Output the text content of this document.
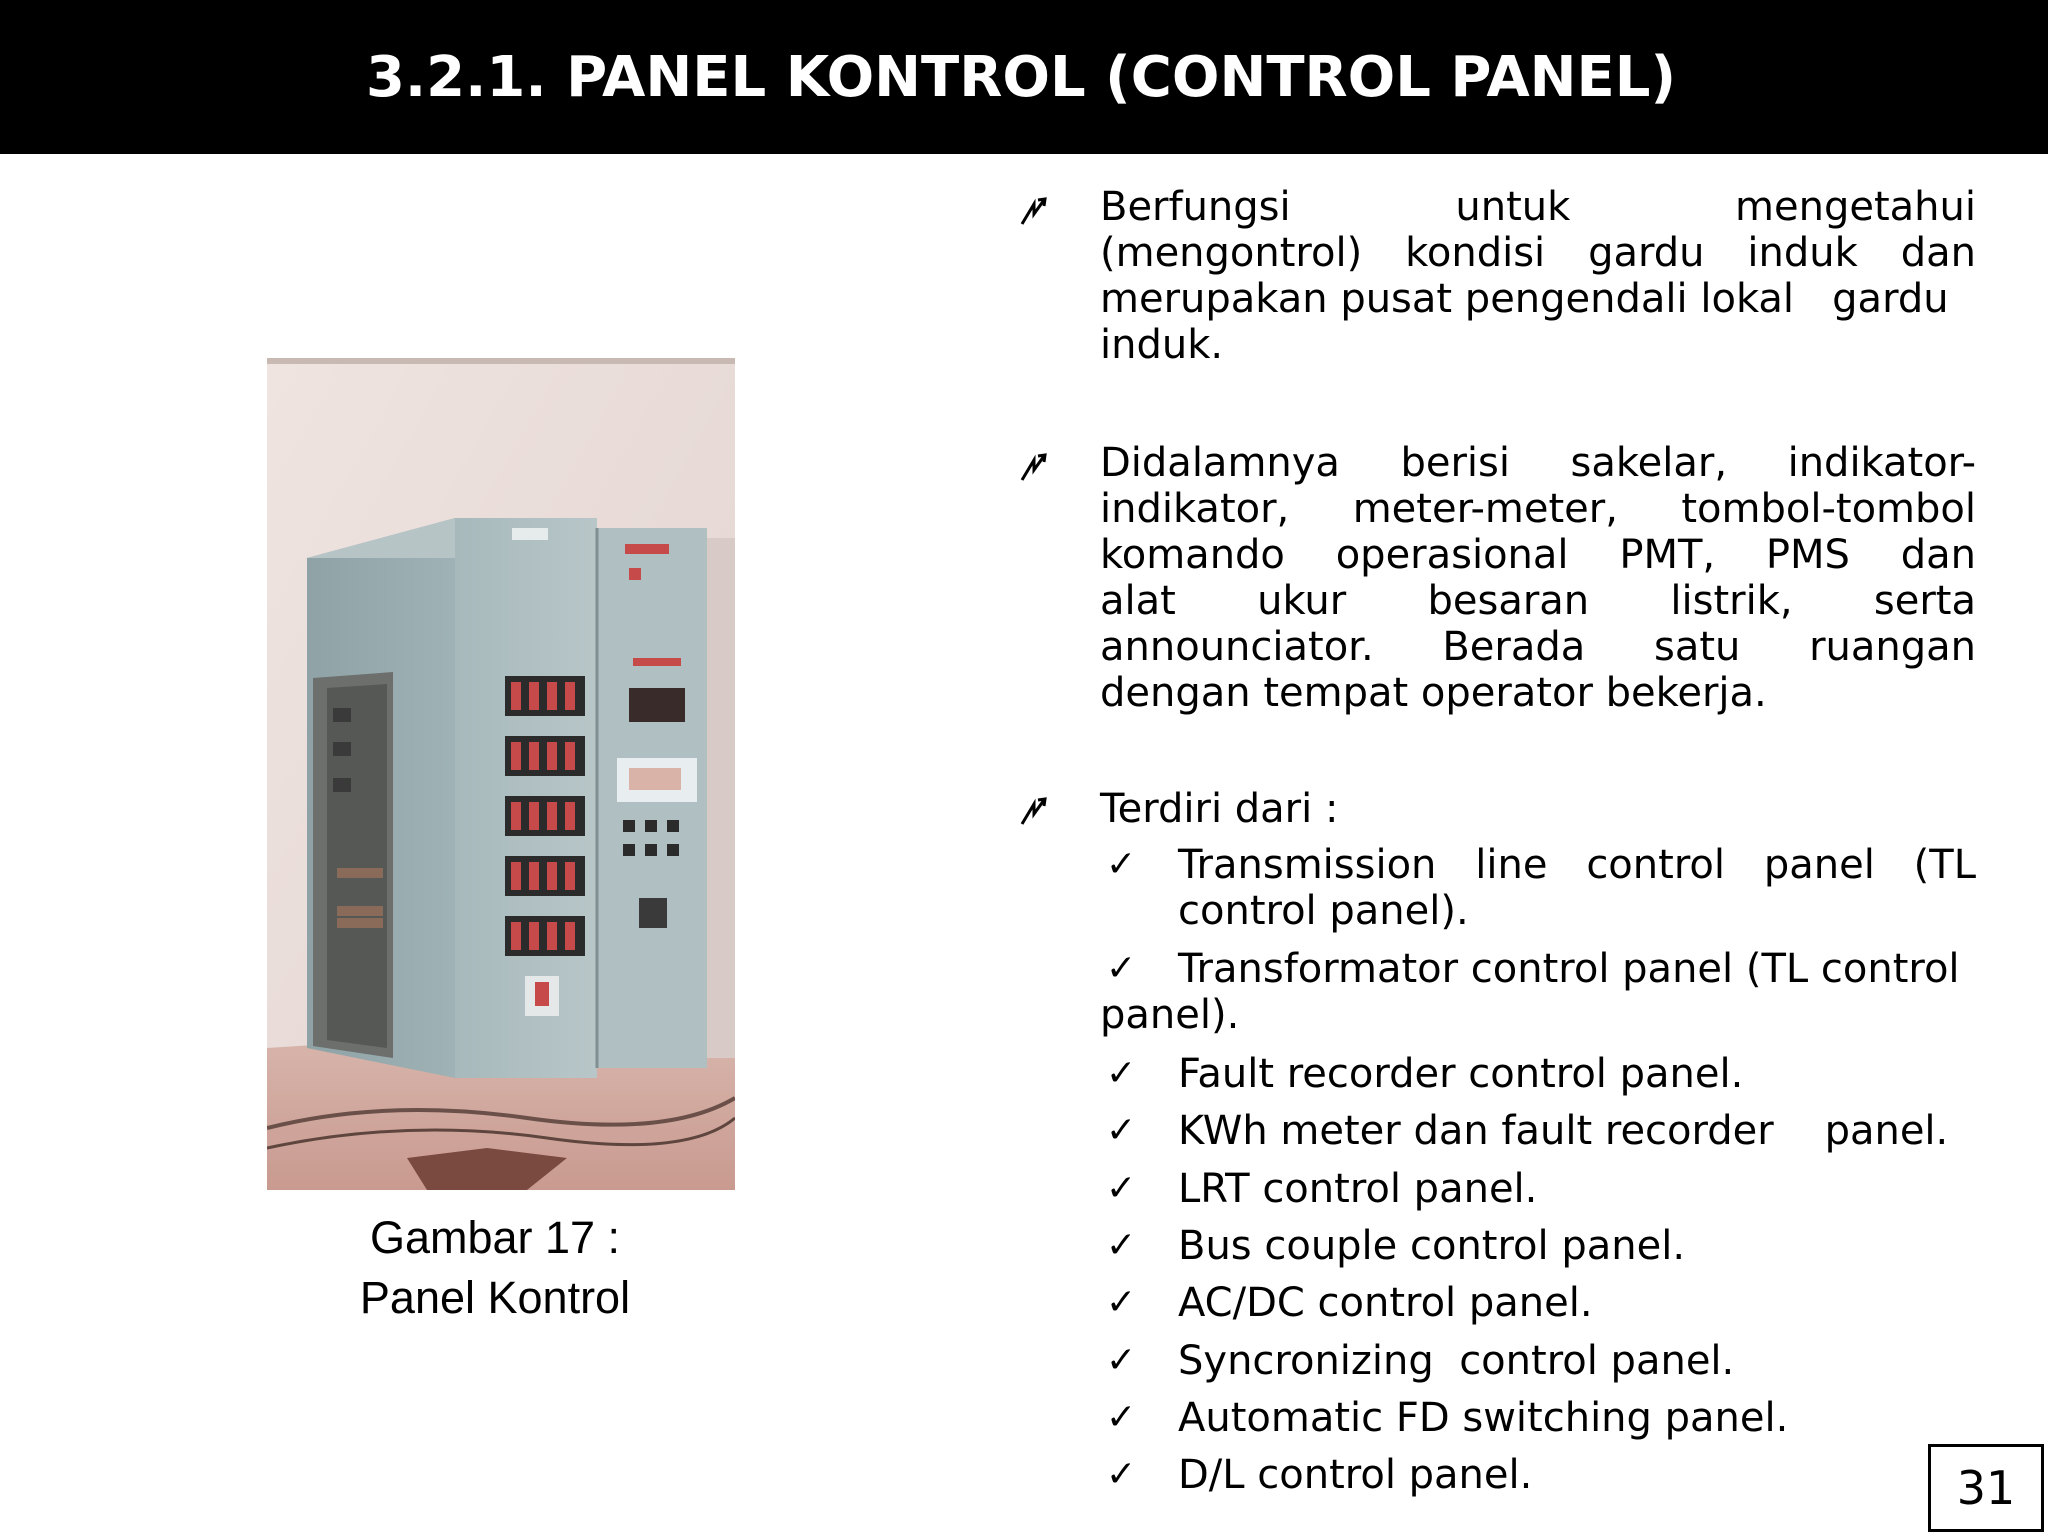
3.2.1. PANEL KONTROL (CONTROL PANEL)
Gambar 17 :
Panel Kontrol
Berfungsi untuk mengetahui
(mengontrol) kondisi gardu induk dan
merupakan pusat pengendali lokal   gardu
induk.
Didalamnya berisi sakelar, indikator-
indikator, meter-meter, tombol-tombol
komando operasional PMT, PMS dan
alat ukur besaran listrik, serta
announciator. Berada satu ruangan
dengan tempat operator bekerja.
Terdiri dari :
✓ Transmission line control panel (TL
control panel).
✓ Transformator control panel (TL control
panel).
✓ Fault recorder control panel.
✓ KWh meter dan fault recorder    panel.
✓ LRT control panel.
✓ Bus couple control panel.
✓ AC/DC control panel.
✓ Syncronizing  control panel.
✓ Automatic FD switching panel.
✓ D/L control panel.	31
